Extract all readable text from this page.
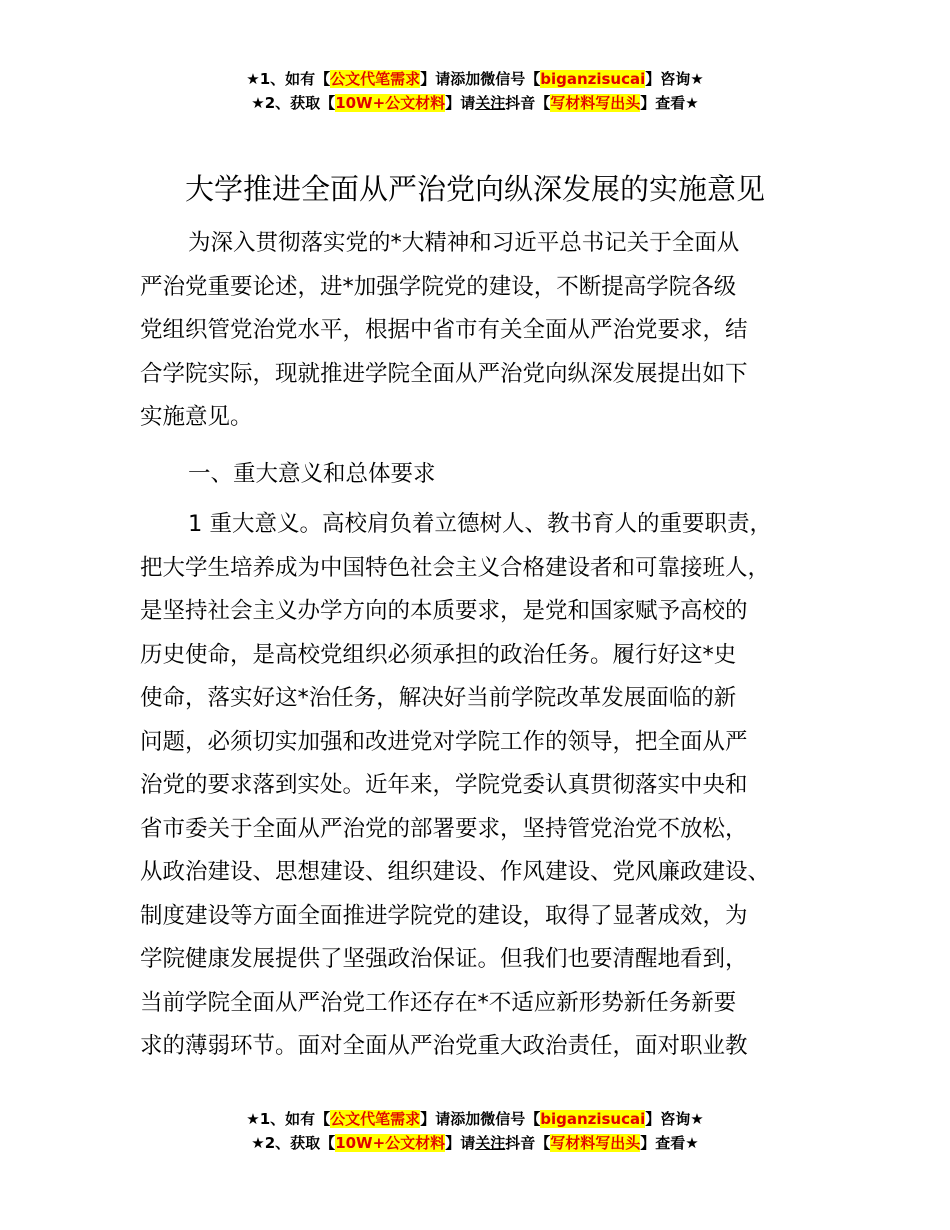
★1、如有【公文代笔需求】请添加微信号【biganzisucai】咨询★
★2、获取【10W+公文材料】请关注抖音【写材料写出头】查看★
大学推进全面从严治党向纵深发展的实施意见
为深入贯彻落实党的*大精神和习近平总书记关于全面从
严治党重要论述，进*加强学院党的建设，不断提高学院各级
党组织管党治党水平，根据中省市有关全面从严治党要求，结
合学院实际，现就推进学院全面从严治党向纵深发展提出如下
实施意见。
一、重大意义和总体要求
1 重大意义。高校肩负着立德树人、教书育人的重要职责，
把大学生培养成为中国特色社会主义合格建设者和可靠接班人，
是坚持社会主义办学方向的本质要求，是党和国家赋予高校的
历史使命，是高校党组织必须承担的政治任务。履行好这*史
使命，落实好这*治任务，解决好当前学院改革发展面临的新
问题，必须切实加强和改进党对学院工作的领导，把全面从严
治党的要求落到实处。近年来，学院党委认真贯彻落实中央和
省市委关于全面从严治党的部署要求，坚持管党治党不放松，
从政治建设、思想建设、组织建设、作风建设、党风廉政建设、
制度建设等方面全面推进学院党的建设，取得了显著成效，为
学院健康发展提供了坚强政治保证。但我们也要清醒地看到，
当前学院全面从严治党工作还存在*不适应新形势新任务新要
求的薄弱环节。面对全面从严治党重大政治责任，面对职业教
★1、如有【公文代笔需求】请添加微信号【biganzisucai】咨询★
★2、获取【10W+公文材料】请关注抖音【写材料写出头】查看★
